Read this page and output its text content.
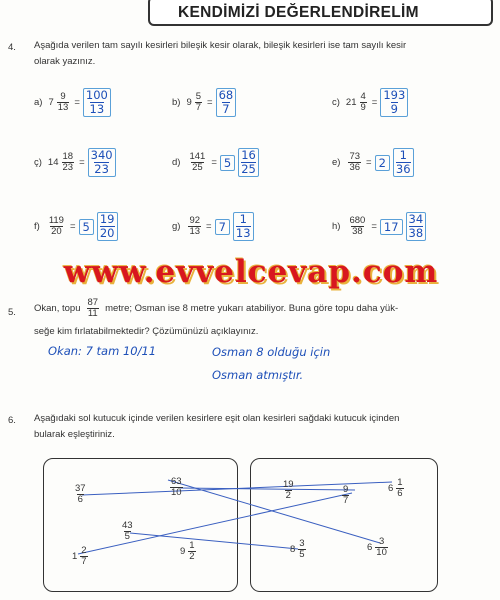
KENDİMİZİ DEĞERLENDİRELİM
4. Aşağıda verilen tam sayılı kesirleri bileşik kesir olarak, bileşik kesirleri ise tam sayılı kesir
olarak yazınız.
a) $7 \frac{9}{13} = \frac{100}{13}$	b) $9 \frac{5}{7} = \frac{68}{7}$	c) $21 \frac{4}{9} = \frac{193}{9}$
ç) $14 \frac{18}{23} = \frac{340}{23}$	$d) \frac{141}{25} = 5 \frac{16}{25}$	$e) \frac{73}{36} = 2 \frac{1}{36}$
$f) \frac{119}{20} = 5 \frac{19}{20}$	$g) \frac{92}{13} = 7 \frac{1}{13}$	$h) \frac{680}{38} = 17 \frac{34}{38}$
www.evvelcevap.com
5. Okan, topu $\frac{87}{11}$ metre; Osman ise 8 metre yukarı atabiliyor. Buna göre topu daha yük-
seğe kim fırlatabilmektedir? Çözümünüzü açıklayınız.
Okan: 7 tam 10/11	Osman 8 olduğu için
Osman atmıştır.
6. Aşağıdaki sol kutucuk içinde verilen kesirlere eşit olan kesirleri sağdaki kutucuk içinden
bularak eşleştiriniz.
$\frac{37}{6}$	$\frac{63}{10}$
$\frac{43}{5}$
$1 \frac{2}{7}$	$9 \frac{1}{2}$
$\frac{19}{2}$	$\frac{9}{7}$	$6 \frac{1}{6}$
$8 \frac{3}{5}$	$6 \frac{3}{10}$
